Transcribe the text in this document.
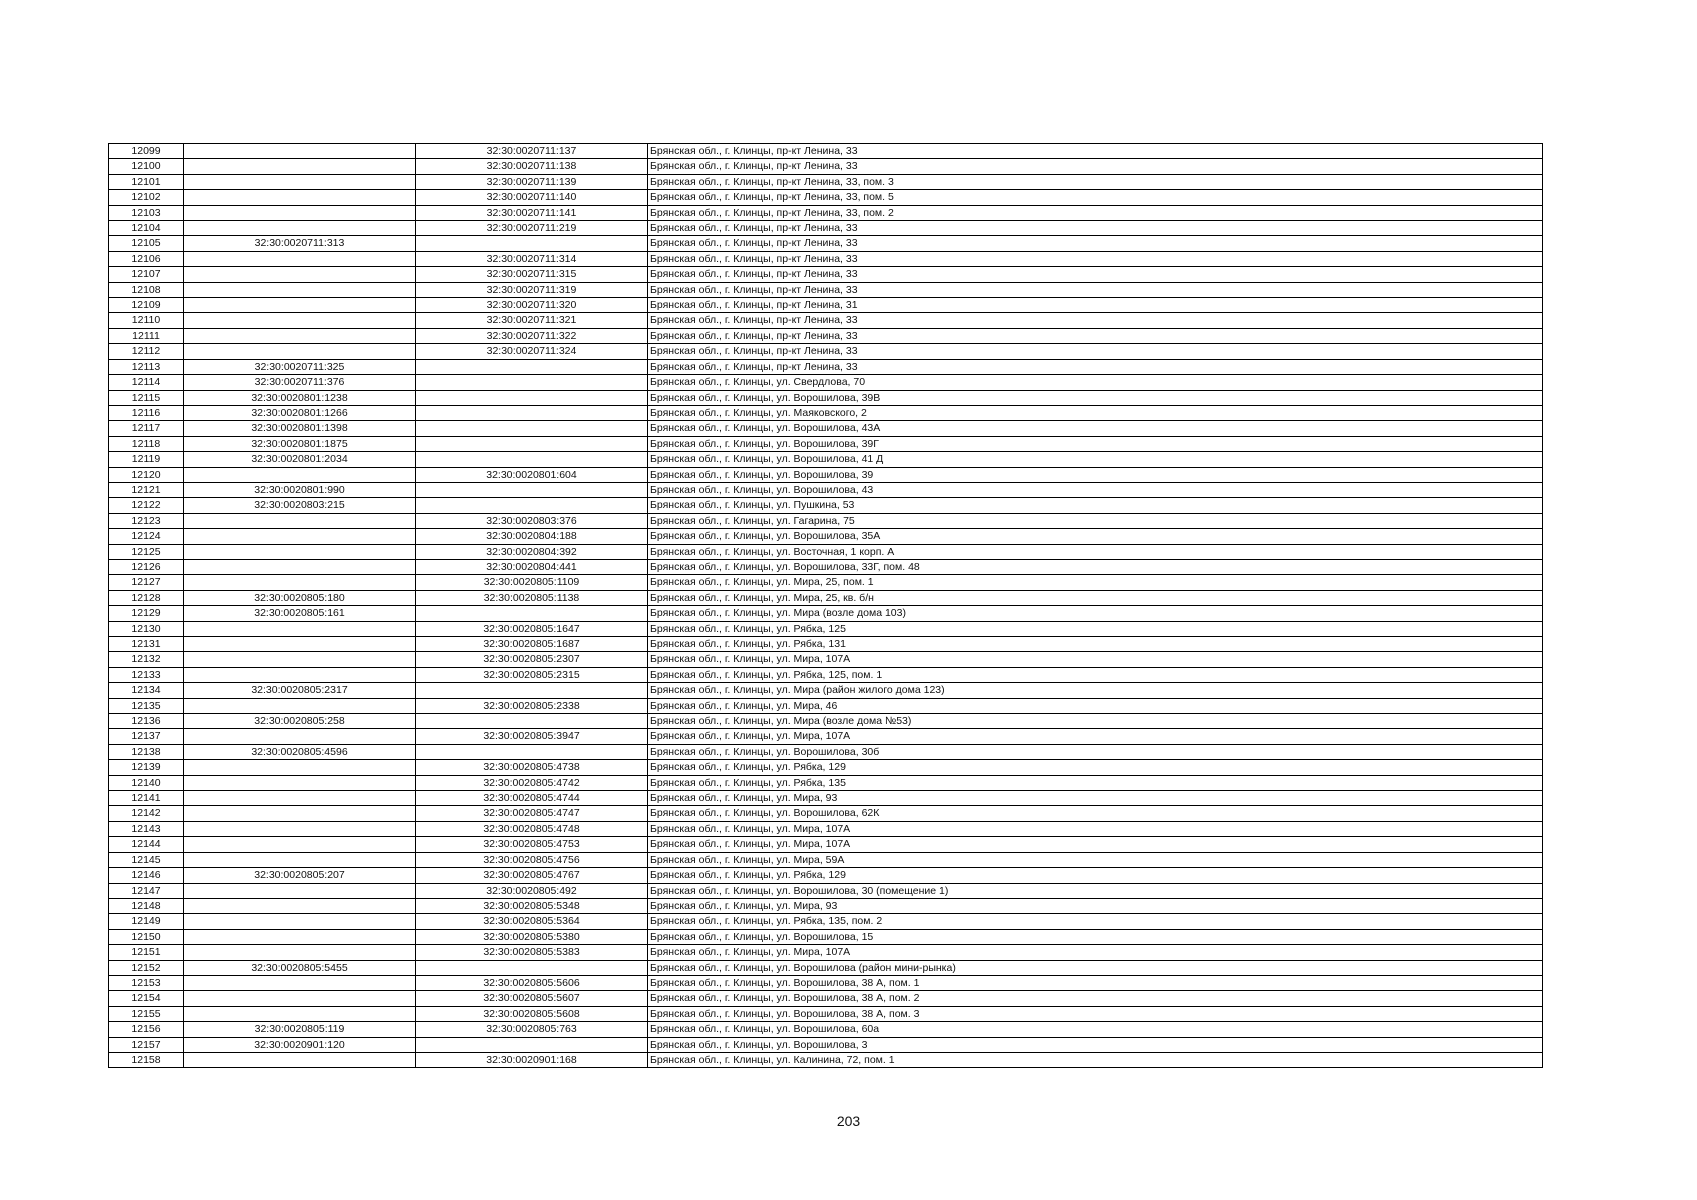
12099		32:30:0020711:137	Брянская обл., г. Клинцы, пр-кт Ленина, 33
12100		32:30:0020711:138	Брянская обл., г. Клинцы, пр-кт Ленина, 33
12101		32:30:0020711:139	Брянская обл., г. Клинцы, пр-кт Ленина, 33, пом. 3
12102		32:30:0020711:140	Брянская обл., г. Клинцы, пр-кт Ленина, 33, пом. 5
12103		32:30:0020711:141	Брянская обл., г. Клинцы, пр-кт Ленина, 33, пом. 2
12104		32:30:0020711:219	Брянская обл., г. Клинцы, пр-кт Ленина, 33
12105	32:30:0020711:313		Брянская обл., г. Клинцы, пр-кт Ленина, 33
12106		32:30:0020711:314	Брянская обл., г. Клинцы, пр-кт Ленина, 33
12107		32:30:0020711:315	Брянская обл., г. Клинцы, пр-кт Ленина, 33
12108		32:30:0020711:319	Брянская обл., г. Клинцы, пр-кт Ленина, 33
12109		32:30:0020711:320	Брянская обл., г. Клинцы, пр-кт Ленина, 31
12110		32:30:0020711:321	Брянская обл., г. Клинцы, пр-кт Ленина, 33
12111		32:30:0020711:322	Брянская обл., г. Клинцы, пр-кт Ленина, 33
12112		32:30:0020711:324	Брянская обл., г. Клинцы, пр-кт Ленина, 33
12113	32:30:0020711:325		Брянская обл., г. Клинцы, пр-кт Ленина, 33
12114	32:30:0020711:376		Брянская обл., г. Клинцы, ул. Свердлова, 70
12115	32:30:0020801:1238		Брянская обл., г. Клинцы, ул. Ворошилова, 39В
12116	32:30:0020801:1266		Брянская обл., г. Клинцы, ул. Маяковского, 2
12117	32:30:0020801:1398		Брянская обл., г. Клинцы, ул. Ворошилова, 43А
12118	32:30:0020801:1875		Брянская обл., г. Клинцы, ул. Ворошилова, 39Г
12119	32:30:0020801:2034		Брянская обл., г. Клинцы, ул. Ворошилова, 41 Д
12120		32:30:0020801:604	Брянская обл., г. Клинцы, ул. Ворошилова, 39
12121	32:30:0020801:990		Брянская обл., г. Клинцы, ул. Ворошилова, 43
12122	32:30:0020803:215		Брянская обл., г. Клинцы, ул. Пушкина, 53
12123		32:30:0020803:376	Брянская обл., г. Клинцы, ул. Гагарина, 75
12124		32:30:0020804:188	Брянская обл., г. Клинцы, ул. Ворошилова, 35А
12125		32:30:0020804:392	Брянская обл., г. Клинцы, ул. Восточная, 1 корп. А
12126		32:30:0020804:441	Брянская обл., г. Клинцы, ул. Ворошилова, 33Г, пом. 48
12127		32:30:0020805:1109	Брянская обл., г. Клинцы, ул. Мира, 25, пом. 1
12128	32:30:0020805:180	32:30:0020805:1138	Брянская обл., г. Клинцы, ул. Мира, 25, кв. б/н
12129	32:30:0020805:161		Брянская обл., г. Клинцы, ул. Мира (возле дома 103)
12130		32:30:0020805:1647	Брянская обл., г. Клинцы, ул. Рябка, 125
12131		32:30:0020805:1687	Брянская обл., г. Клинцы, ул. Рябка, 131
12132		32:30:0020805:2307	Брянская обл., г. Клинцы, ул. Мира, 107А
12133		32:30:0020805:2315	Брянская обл., г. Клинцы, ул. Рябка, 125, пом. 1
12134	32:30:0020805:2317		Брянская обл., г. Клинцы, ул. Мира (район жилого дома 123)
12135		32:30:0020805:2338	Брянская обл., г. Клинцы, ул. Мира, 46
12136	32:30:0020805:258		Брянская обл., г. Клинцы, ул. Мира (возле дома №53)
12137		32:30:0020805:3947	Брянская обл., г. Клинцы, ул. Мира, 107А
12138	32:30:0020805:4596		Брянская обл., г. Клинцы, ул. Ворошилова, 30б
12139		32:30:0020805:4738	Брянская обл., г. Клинцы, ул. Рябка, 129
12140		32:30:0020805:4742	Брянская обл., г. Клинцы, ул. Рябка, 135
12141		32:30:0020805:4744	Брянская обл., г. Клинцы, ул. Мира, 93
12142		32:30:0020805:4747	Брянская обл., г. Клинцы, ул. Ворошилова, 62К
12143		32:30:0020805:4748	Брянская обл., г. Клинцы, ул. Мира, 107А
12144		32:30:0020805:4753	Брянская обл., г. Клинцы, ул. Мира, 107А
12145		32:30:0020805:4756	Брянская обл., г. Клинцы, ул. Мира, 59А
12146	32:30:0020805:207	32:30:0020805:4767	Брянская обл., г. Клинцы, ул. Рябка, 129
12147		32:30:0020805:492	Брянская обл., г. Клинцы, ул. Ворошилова, 30 (помещение 1)
12148		32:30:0020805:5348	Брянская обл., г. Клинцы, ул. Мира, 93
12149		32:30:0020805:5364	Брянская обл., г. Клинцы, ул. Рябка, 135, пом. 2
12150		32:30:0020805:5380	Брянская обл., г. Клинцы, ул. Ворошилова, 15
12151		32:30:0020805:5383	Брянская обл., г. Клинцы, ул. Мира, 107А
12152	32:30:0020805:5455		Брянская обл., г. Клинцы, ул. Ворошилова (район мини-рынка)
12153		32:30:0020805:5606	Брянская обл., г. Клинцы, ул. Ворошилова, 38 А, пом. 1
12154		32:30:0020805:5607	Брянская обл., г. Клинцы, ул. Ворошилова, 38 А, пом. 2
12155		32:30:0020805:5608	Брянская обл., г. Клинцы, ул. Ворошилова, 38 А, пом. 3
12156	32:30:0020805:119	32:30:0020805:763	Брянская обл., г. Клинцы, ул. Ворошилова, 60а
12157	32:30:0020901:120		Брянская обл., г. Клинцы, ул. Ворошилова, 3
12158		32:30:0020901:168	Брянская обл., г. Клинцы, ул. Калинина, 72, пом. 1
203
